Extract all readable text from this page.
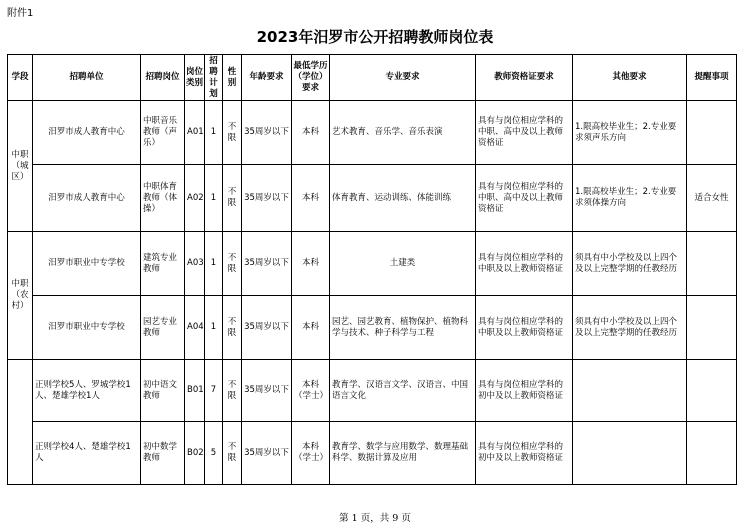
附件1
2023年汨罗市公开招聘教师岗位表
学段	招聘单位	招聘岗位	岗位类别	招聘计划	性别	年龄要求	最低学历（学位）要求	专业要求	教师资格证要求	其他要求	提醒事项
中职（城区）	汨罗市成人教育中心	中职音乐教师（声乐）	A01	1	不限	35周岁以下	本科	艺术教育、音乐学、音乐表演	具有与岗位相应学科的中职、高中及以上教师资格证	1.限高校毕业生；2.专业要求须声乐方向	
	汨罗市成人教育中心	中职体育教师（体操）	A02	1	不限	35周岁以下	本科	体育教育、运动训练、体能训练	具有与岗位相应学科的中职、高中及以上教师资格证	1.限高校毕业生；2.专业要求须体操方向	适合女性
中职（农村）	汨罗市职业中专学校	建筑专业教师	A03	1	不限	35周岁以下	本科	土建类	具有与岗位相应学科的中职及以上教师资格证	须具有中小学校及以上四个及以上完整学期的任教经历	
	汨罗市职业中专学校	园艺专业教师	A04	1	不限	35周岁以下	本科	园艺、园艺教育、植物保护、植物科学与技术、种子科学与工程	具有与岗位相应学科的中职及以上教师资格证	须具有中小学校及以上四个及以上完整学期的任教经历	
	正则学校5人、罗城学校1人、楚雄学校1人	初中语文教师	B01	7	不限	35周岁以下	本科（学士）	教育学、汉语言文学、汉语言、中国语言文化	具有与岗位相应学科的初中及以上教师资格证		
	正则学校4人、楚雄学校1人	初中数学教师	B02	5	不限	35周岁以下	本科（学士）	教育学、数学与应用数学、数理基础科学、数据计算及应用	具有与岗位相应学科的初中及以上教师资格证		
第 1 页，共 9 页
